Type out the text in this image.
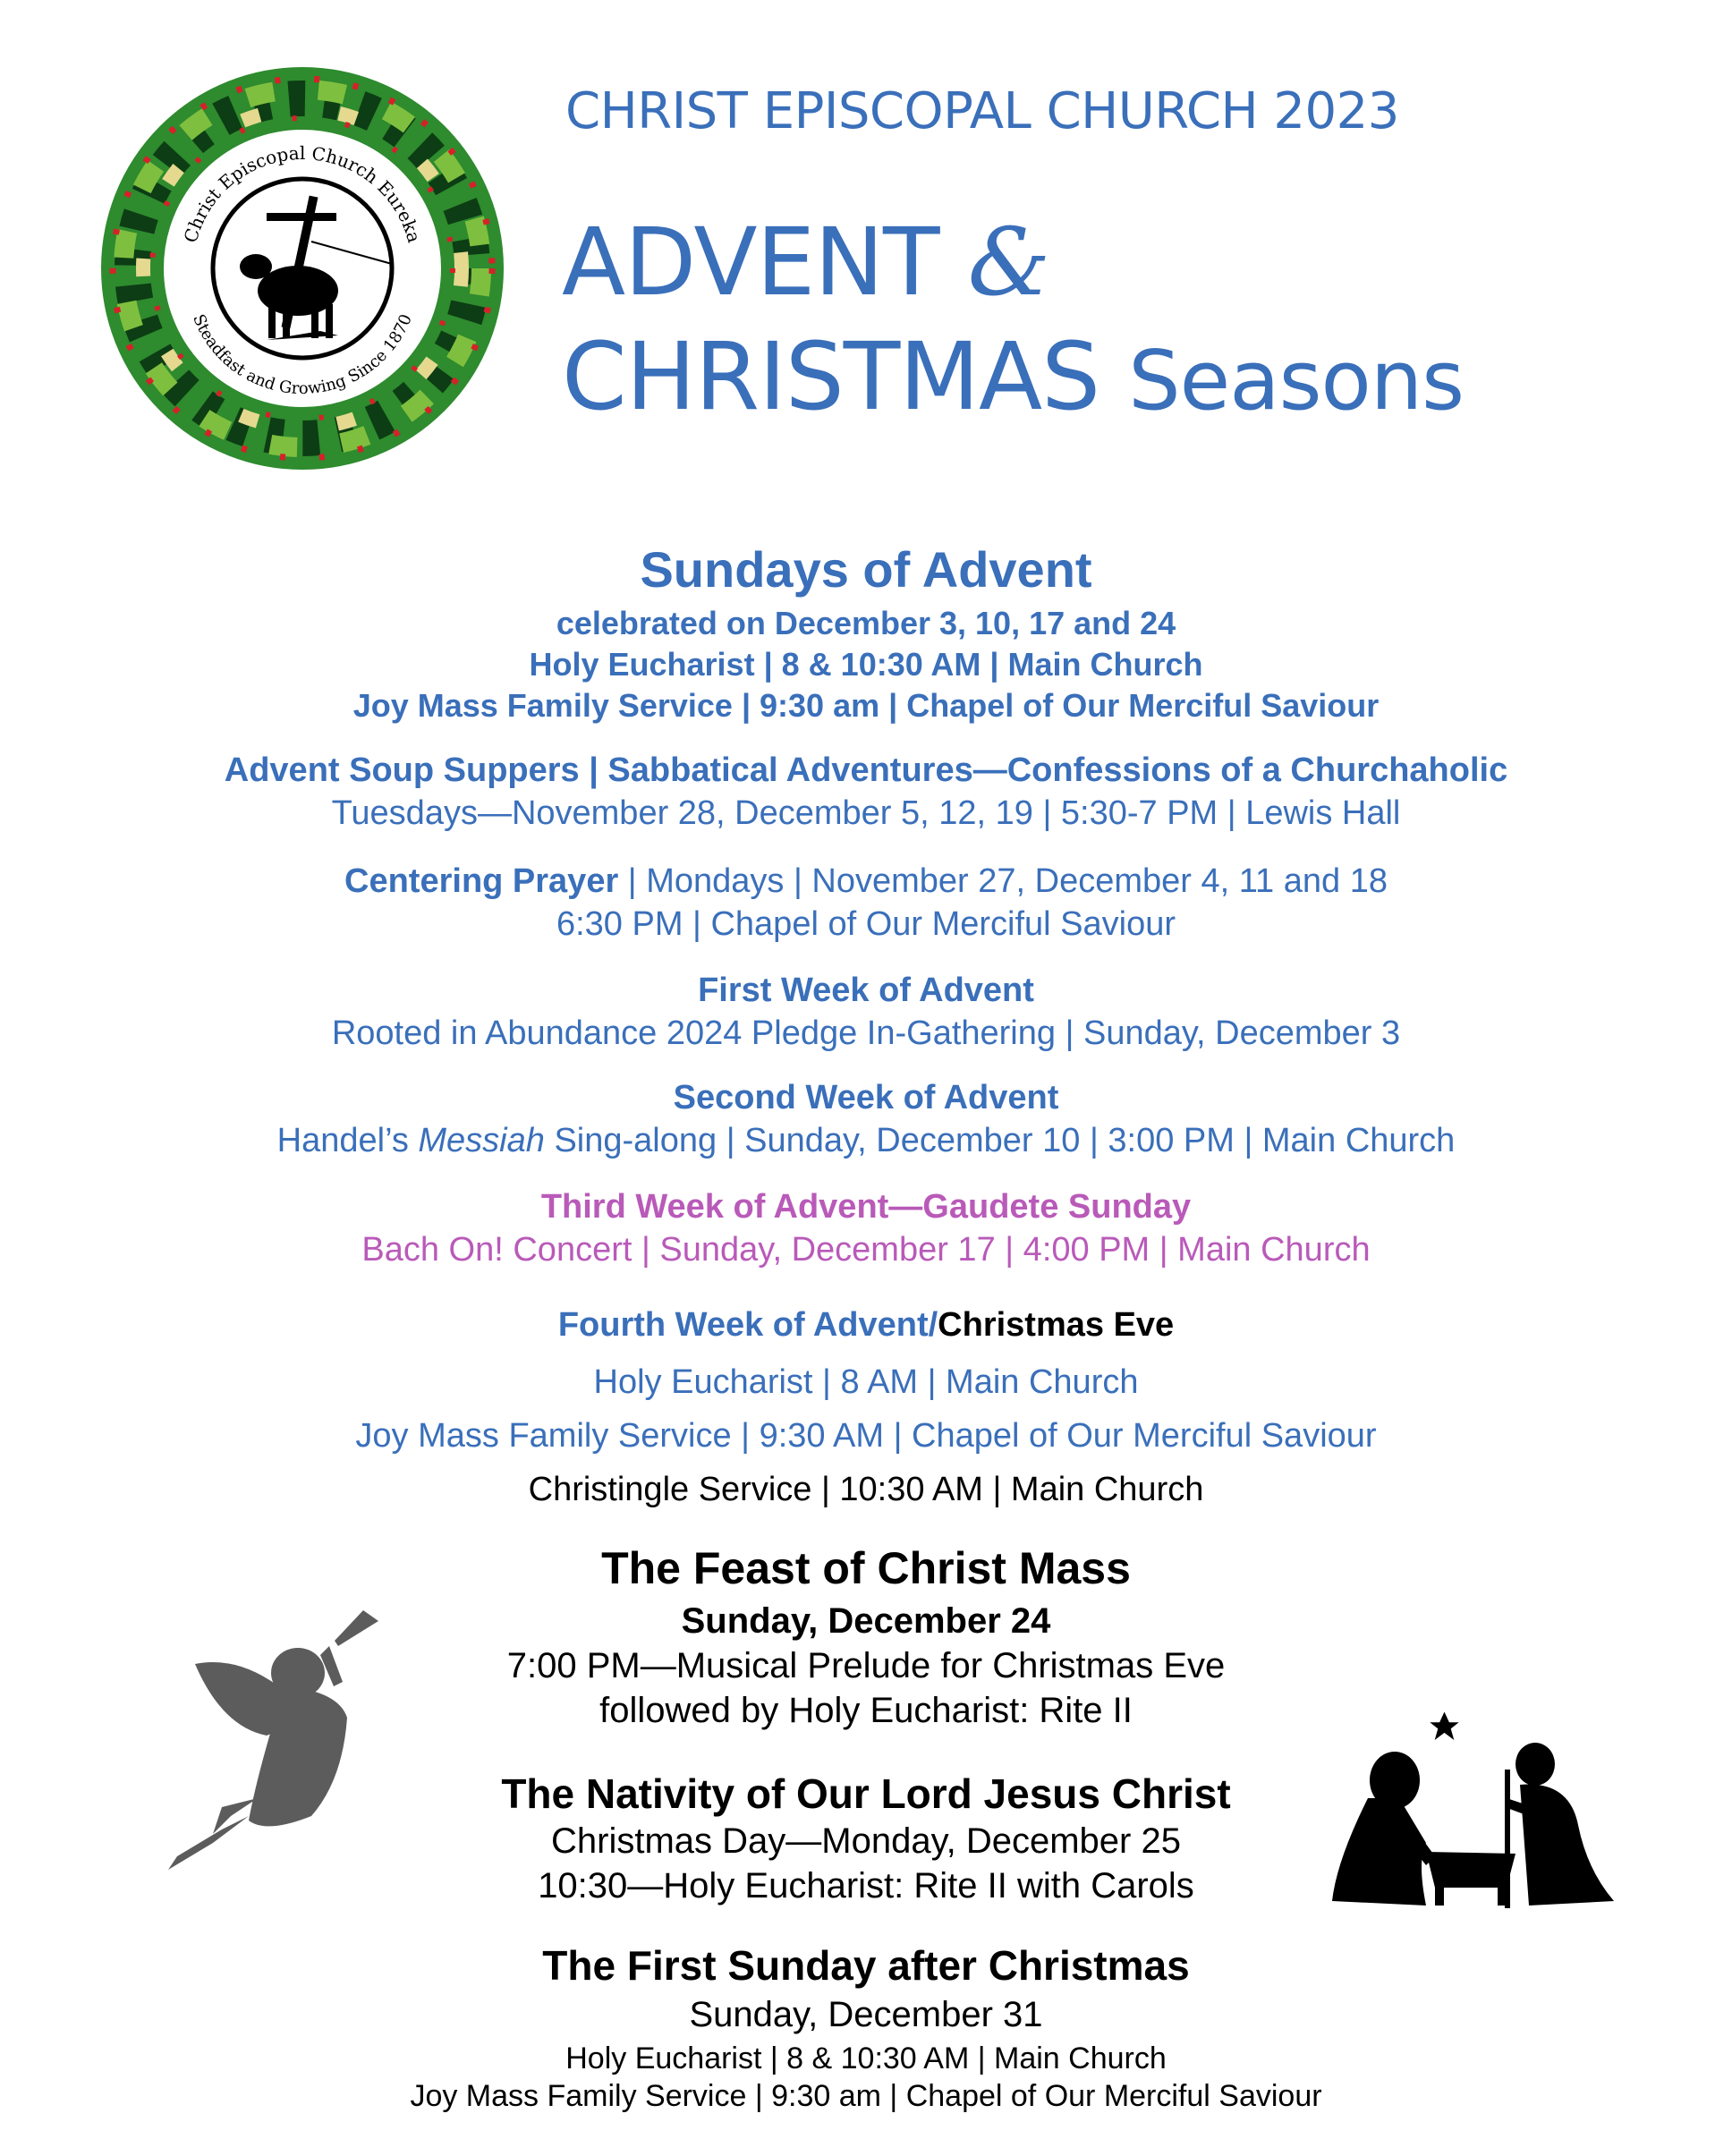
Christ Episcopal Church Eureka
Steadfast and Growing Since 1870
CHRIST EPISCOPAL CHURCH 2023
ADVENT &
CHRISTMAS Seasons
Sundays of Advent
celebrated on December 3, 10, 17 and 24
Holy Eucharist | 8 & 10:30 AM | Main Church
Joy Mass Family Service | 9:30 am | Chapel of Our Merciful Saviour
Advent Soup Suppers | Sabbatical Adventures—Confessions of a Churchaholic
Tuesdays—November 28, December 5, 12, 19 | 5:30-7 PM | Lewis Hall
Centering Prayer | Mondays | November 27, December 4, 11 and 18
6:30 PM | Chapel of Our Merciful Saviour
First Week of Advent
Rooted in Abundance 2024 Pledge In-Gathering | Sunday, December 3
Second Week of Advent
Handel’s Messiah Sing-along | Sunday, December 10 | 3:00 PM | Main Church
Third Week of Advent—Gaudete Sunday
Bach On! Concert | Sunday, December 17 | 4:00 PM | Main Church
Fourth Week of Advent/Christmas Eve
Holy Eucharist | 8 AM | Main Church
Joy Mass Family Service | 9:30 AM | Chapel of Our Merciful Saviour
Christingle Service | 10:30 AM | Main Church
The Feast of Christ Mass
Sunday, December 24
7:00 PM—Musical Prelude for Christmas Eve
followed by Holy Eucharist: Rite II
The Nativity of Our Lord Jesus Christ
Christmas Day—Monday, December 25
10:30—Holy Eucharist: Rite II with Carols
The First Sunday after Christmas
Sunday, December 31
Holy Eucharist | 8 & 10:30 AM | Main Church
Joy Mass Family Service | 9:30 am | Chapel of Our Merciful Saviour
